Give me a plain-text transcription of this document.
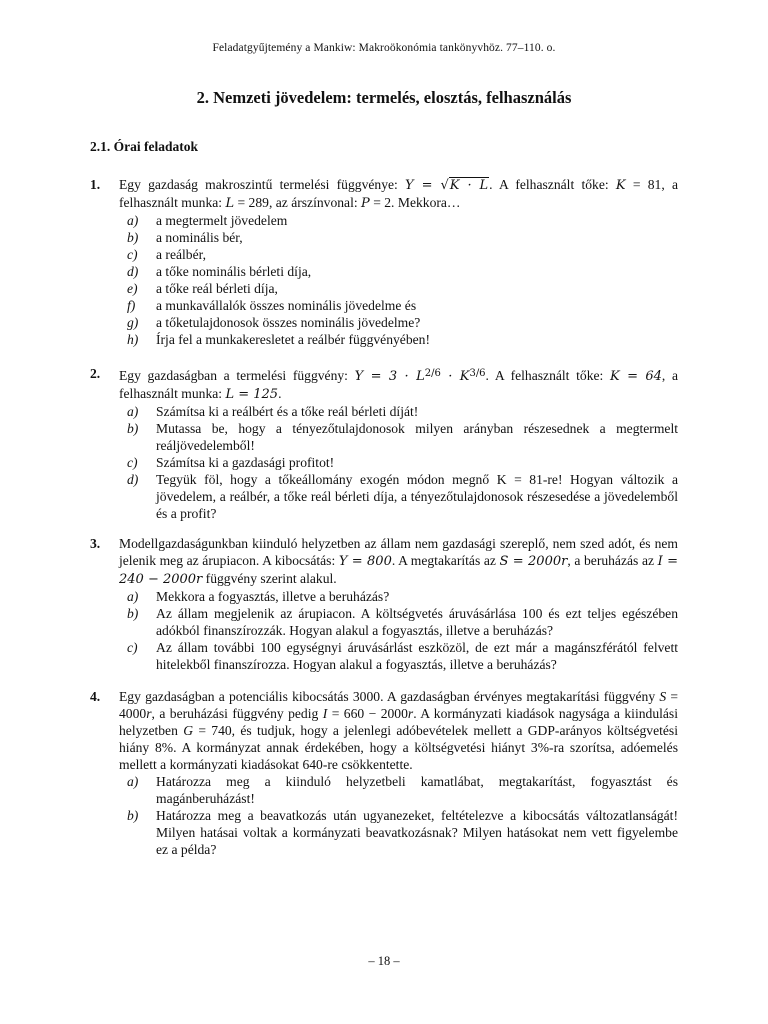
Feladatgyűjtemény a Mankiw: Makroökonómia tankönyvhöz. 77–110. o.
2. Nemzeti jövedelem: termelés, elosztás, felhasználás
2.1. Órai feladatok
1. Egy gazdaság makroszintű termelési függvénye: Y = √K · L. A felhasznált tőke: K = 81, a felhasznált munka: L = 289, az árszínvonal: P = 2. Mekkora…
a) a megtermelt jövedelem
b) a nominális bér,
c) a reálbér,
d) a tőke nominális bérleti díja,
e) a tőke reál bérleti díja,
f) a munkavállalók összes nominális jövedelme és
g) a tőketulajdonosok összes nominális jövedelme?
h) Írja fel a munkakeresletet a reálbér függvényében!
2. Egy gazdaságban a termelési függvény: $Y = 3 \cdot L^{2/6} \cdot K^{3/6}$. A felhasznált tőke: K = 64, a felhasznált munka: L = 125.
a) Számítsa ki a reálbért és a tőke reál bérleti díját!
b) Mutassa be, hogy a tényezőtulajdonosok milyen arányban részesednek a megtermelt reáljövedelemből!
c) Számítsa ki a gazdasági profitot!
d) Tegyük föl, hogy a tőkeállomány exogén módon megnő K = 81-re! Hogyan változik a jövedelem, a reálbér, a tőke reál bérleti díja, a tényezőtulajdonosok részesedése a jövedelemből és a profit?
3. Modellgazdaságunkban kiinduló helyzetben az állam nem gazdasági szereplő, nem szed adót, és nem jelenik meg az árupiacon. A kibocsátás: Y = 800. A megtakarítás az S = 2000r, a beruházás az I = 240 − 2000r függvény szerint alakul.
a) Mekkora a fogyasztás, illetve a beruházás?
b) Az állam megjelenik az árupiacon. A költségvetés áruvásárlása 100 és ezt teljes egészében adókból finanszírozzák. Hogyan alakul a fogyasztás, illetve a beruházás?
c) Az állam további 100 egységnyi áruvásárlást eszközöl, de ezt már a magánszférától felvett hitelekből finanszírozza. Hogyan alakul a fogyasztás, illetve a beruházás?
4. Egy gazdaságban a potenciális kibocsátás 3000. A gazdaságban érvényes megtakarítási függvény S = 4000r, a beruházási függvény pedig I = 660 − 2000r. A kormányzati kiadások nagysága a kiindulási helyzetben G = 740, és tudjuk, hogy a jelenlegi adóbevételek mellett a GDP-arányos költségvetési hiány 8%. A kormányzat annak érdekében, hogy a költségvetési hiányt 3%-ra szorítsa, adóemelés mellett a kormányzati kiadásokat 640-re csökkentette.
a) Határozza meg a kiinduló helyzetbeli kamatlábat, megtakarítást, fogyasztást és magánberuházást!
b) Határozza meg a beavatkozás után ugyanezeket, feltételezve a kibocsátás változatlanságát! Milyen hatásai voltak a kormányzati beavatkozásnak? Milyen hatásokat nem vett figyelembe ez a példa?
– 18 –
